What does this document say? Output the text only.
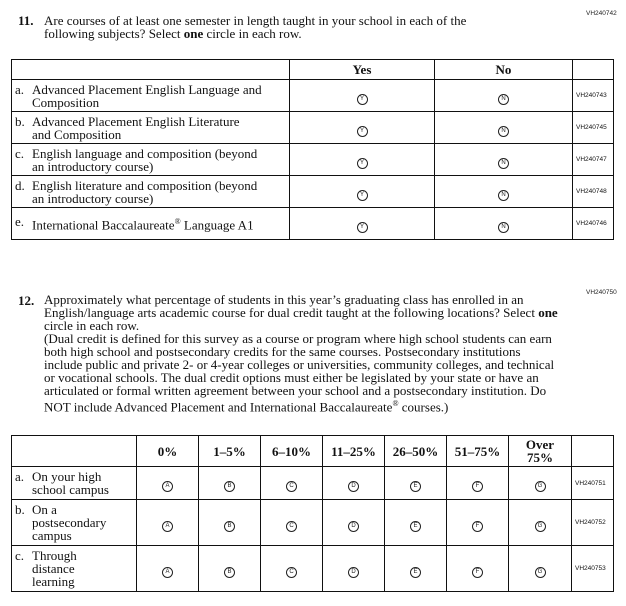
VH240742
11. Are courses of at least one semester in length taught in your school in each of the
following subjects? Select one circle in each row.
	Yes	No	
a. Advanced Placement English Language and
Composition	Y	N	VH240743
b. Advanced Placement English Literature
and Composition	Y	N	VH240745
c. English language and composition (beyond
an introductory course)	Y	N	VH240747
d. English literature and composition (beyond
an introductory course)	Y	N	VH240748
e. International Baccalaureate® Language A1	Y	N	VH240746
VH240750
12. Approximately what percentage of students in this year’s graduating class has enrolled in an
English/language arts academic course for dual credit taught at the following locations? Select one
circle in each row.
(Dual credit is defined for this survey as a course or program where high school students can earn
both high school and postsecondary credits for the same courses. Postsecondary institutions
include public and private 2- or 4-year colleges or universities, community colleges, and technical
or vocational schools. The dual credit options must either be legislated by your state or have an
articulated or formal written agreement between your school and a postsecondary institution. Do
NOT include Advanced Placement and International Baccalaureate® courses.)
	0%	1–5%	6–10%	11–25%	26–50%	51–75%	Over
75%	
a. On your high
school campus	A	B	C	D	E	F	G	VH240751
b. On a
postsecondary
campus	A	B	C	D	E	F	G	VH240752
c. Through
distance
learning	A	B	C	D	E	F	G	VH240753
